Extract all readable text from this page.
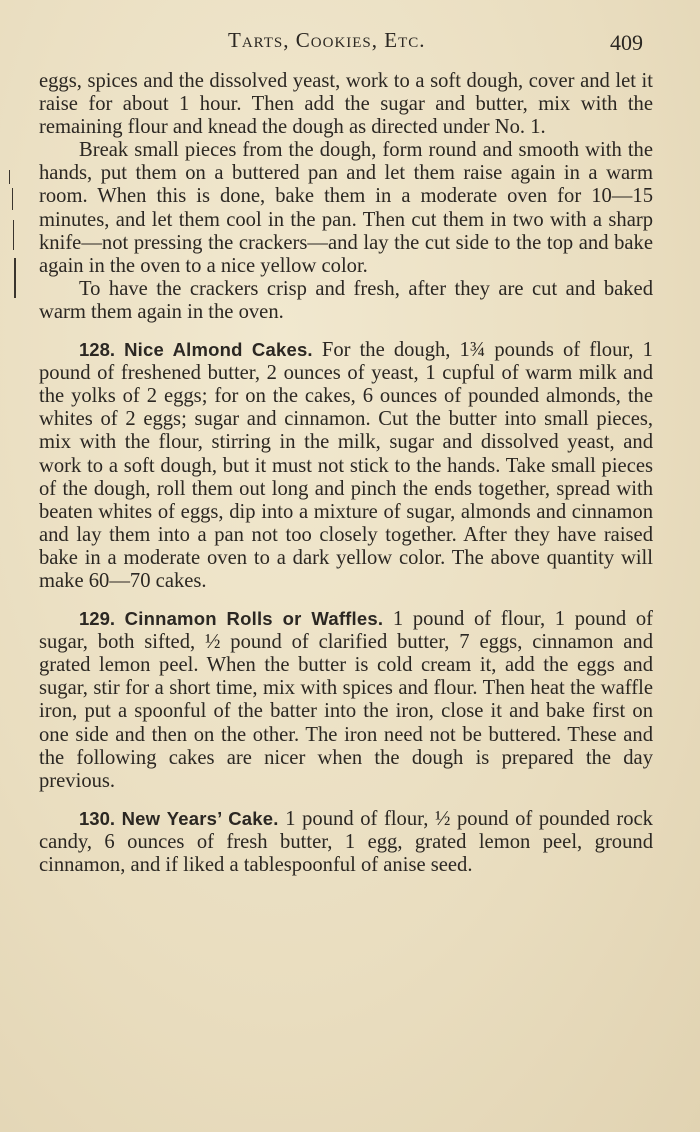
Tarts, Cookies, Etc.	409

eggs, spices and the dissolved yeast, work to a soft dough, cover and let it raise for about 1 hour. Then add the sugar and butter, mix with the remaining flour and knead the dough as directed under No. 1.

Break small pieces from the dough, form round and smooth with the hands, put them on a buttered pan and let them raise again in a warm room. When this is done, bake them in a moderate oven for 10—15 minutes, and let them cool in the pan. Then cut them in two with a sharp knife—not pressing the crackers—and lay the cut side to the top and bake again in the oven to a nice yellow color.

To have the crackers crisp and fresh, after they are cut and baked warm them again in the oven.

128. Nice Almond Cakes. For the dough, 1¾ pounds of flour, 1 pound of freshened butter, 2 ounces of yeast, 1 cupful of warm milk and the yolks of 2 eggs; for on the cakes, 6 ounces of pounded almonds, the whites of 2 eggs; sugar and cinnamon. Cut the butter into small pieces, mix with the flour, stirring in the milk, sugar and dissolved yeast, and work to a soft dough, but it must not stick to the hands. Take small pieces of the dough, roll them out long and pinch the ends together, spread with beaten whites of eggs, dip into a mixture of sugar, almonds and cinnamon and lay them into a pan not too closely together. After they have raised bake in a moderate oven to a dark yellow color. The above quantity will make 60—70 cakes.

129. Cinnamon Rolls or Waffles. 1 pound of flour, 1 pound of sugar, both sifted, ½ pound of clarified butter, 7 eggs, cinnamon and grated lemon peel. When the butter is cold cream it, add the eggs and sugar, stir for a short time, mix with spices and flour. Then heat the waffle iron, put a spoonful of the batter into the iron, close it and bake first on one side and then on the other. The iron need not be buttered. These and the following cakes are nicer when the dough is prepared the day previous.

130. New Years’ Cake. 1 pound of flour, ½ pound of pounded rock candy, 6 ounces of fresh butter, 1 egg, grated lemon peel, ground cinnamon, and if liked a tablespoonful of anise seed.
